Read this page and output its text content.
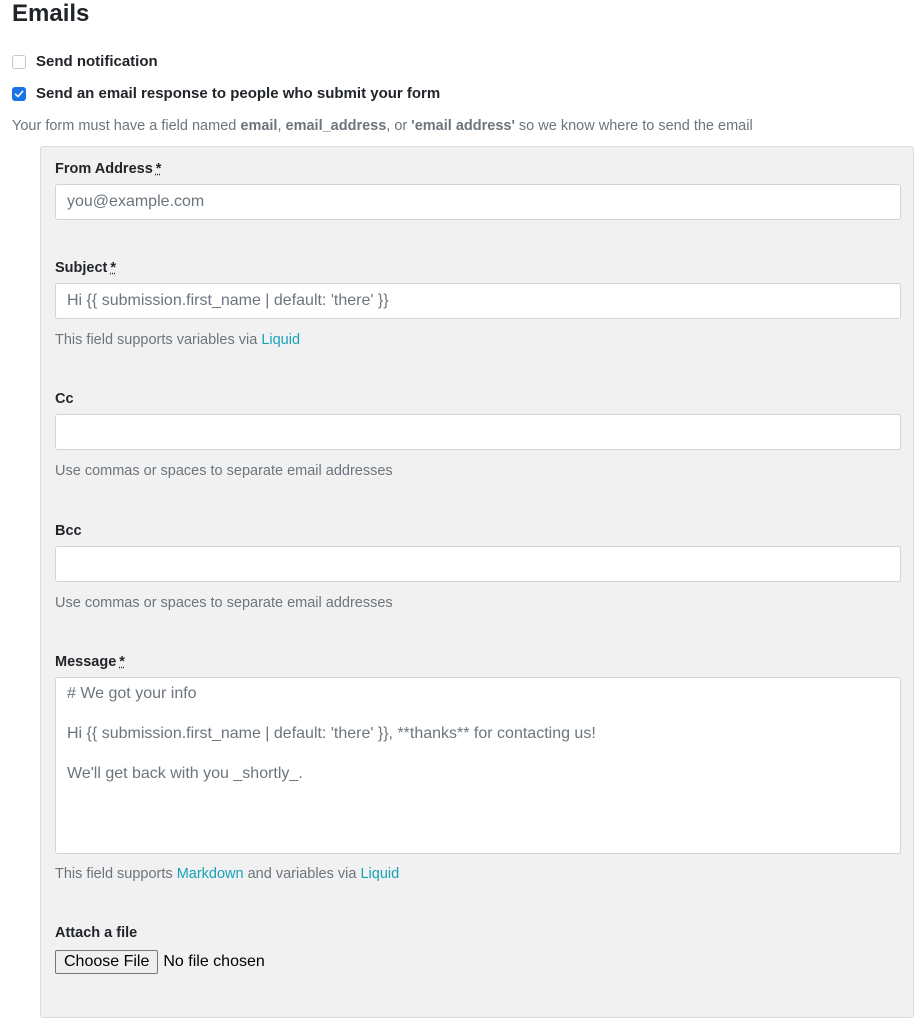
Emails
Send notification
Send an email response to people who submit your form
Your form must have a field named email, email_address, or 'email address' so we know where to send the email
From Address *
you@example.com
Subject *
Hi {{ submission.first_name | default: 'there' }}
This field supports variables via Liquid
Cc
Use commas or spaces to separate email addresses
Bcc
Use commas or spaces to separate email addresses
Message *

# We got your info

Hi {{ submission.first_name | default: 'there' }}, **thanks** for contacting us!

We'll get back with you _shortly_.

This field supports Markdown and variables via Liquid
Attach a file
Choose File No file chosen
